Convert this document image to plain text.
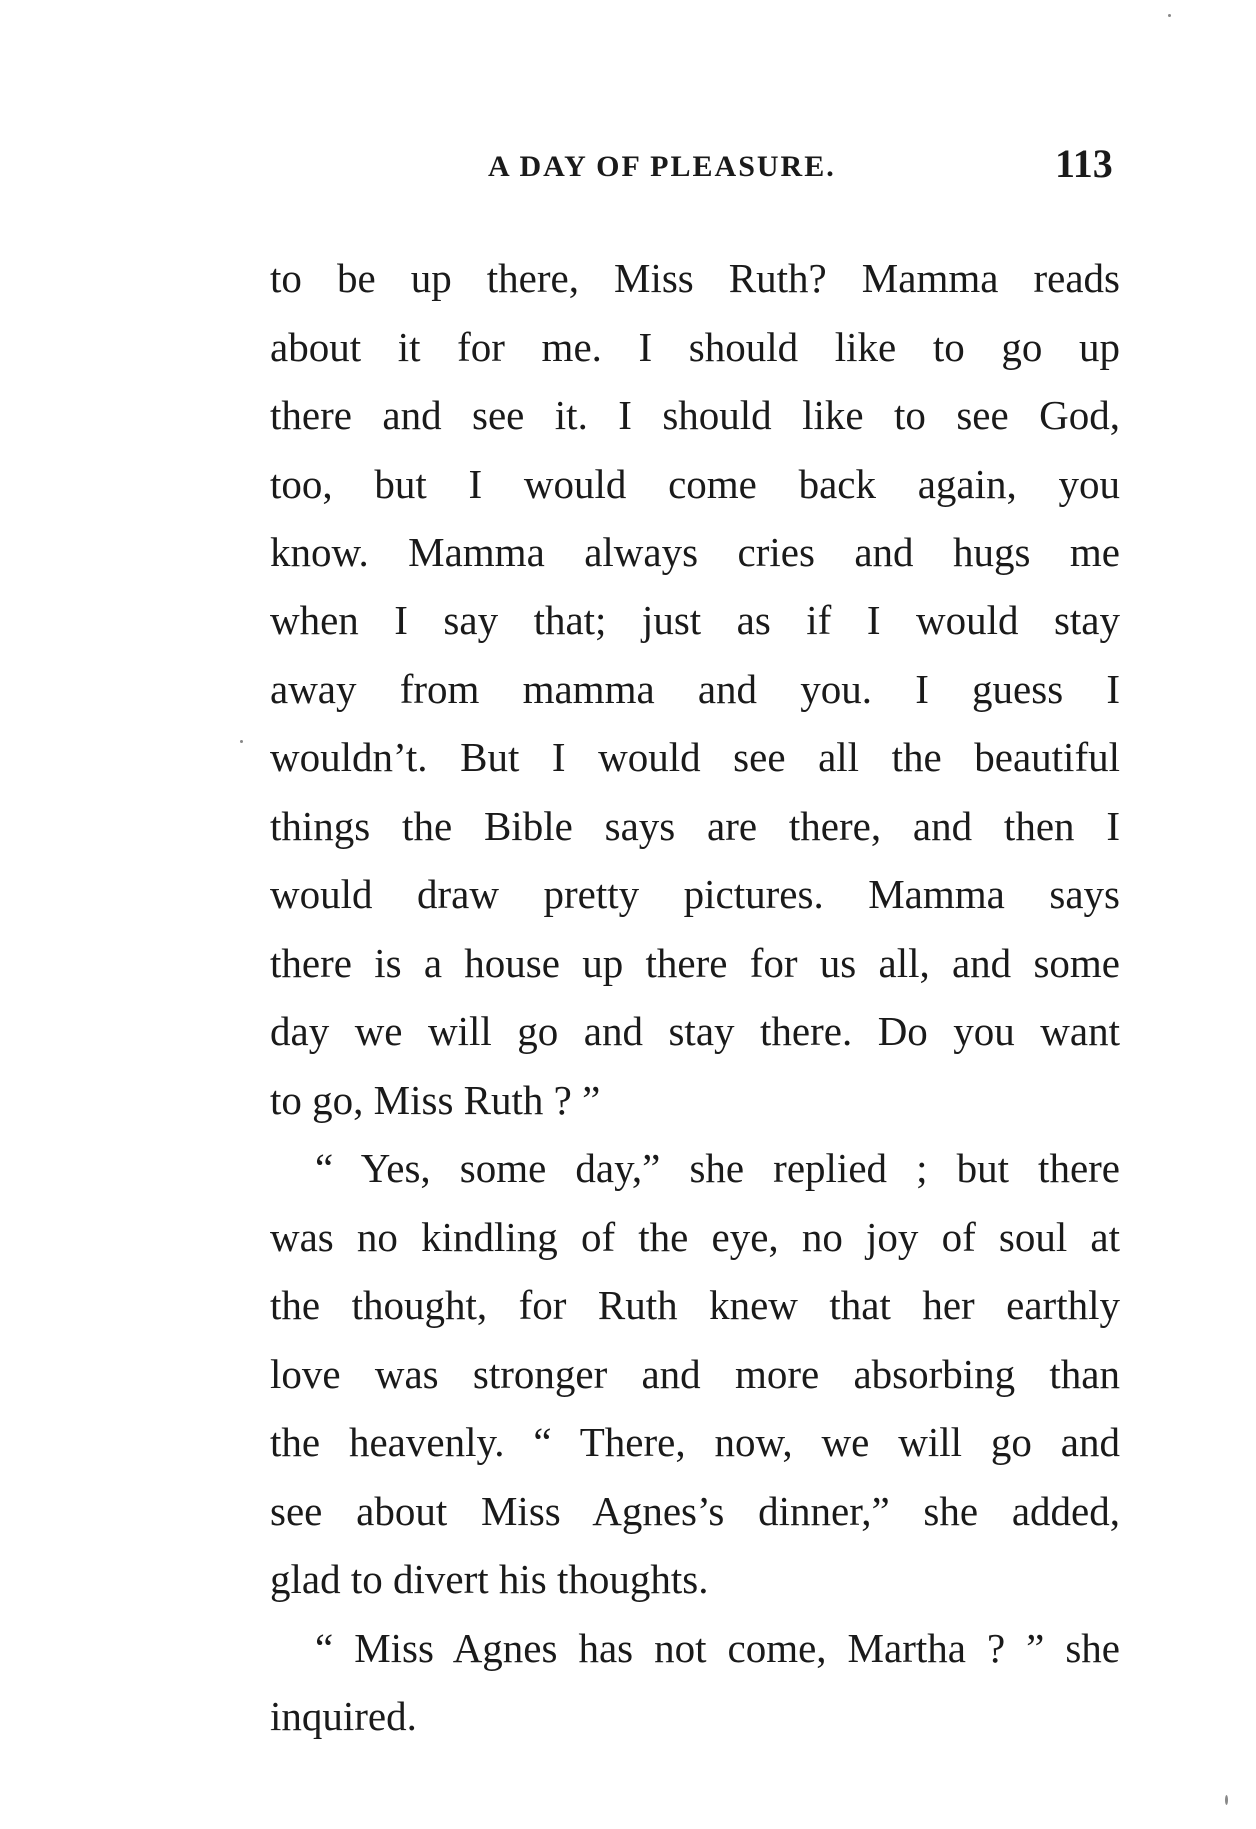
A DAY OF PLEASURE.	113
to be up there, Miss Ruth? Mamma reads
about it for me. I should like to go up
there and see it. I should like to see God,
too, but I would come back again, you
know. Mamma always cries and hugs me
when I say that; just as if I would stay
away from mamma and you. I guess I
wouldn’t. But I would see all the beautiful
things the Bible says are there, and then I
would draw pretty pictures. Mamma says
there is a house up there for us all, and some
day we will go and stay there. Do you want
to go, Miss Ruth ? ”
“ Yes, some day,” she replied ; but there
was no kindling of the eye, no joy of soul at
the thought, for Ruth knew that her earthly
love was stronger and more absorbing than
the heavenly. “ There, now, we will go and
see about Miss Agnes’s dinner,” she added,
glad to divert his thoughts.
“ Miss Agnes has not come, Martha ? ” she
inquired.
